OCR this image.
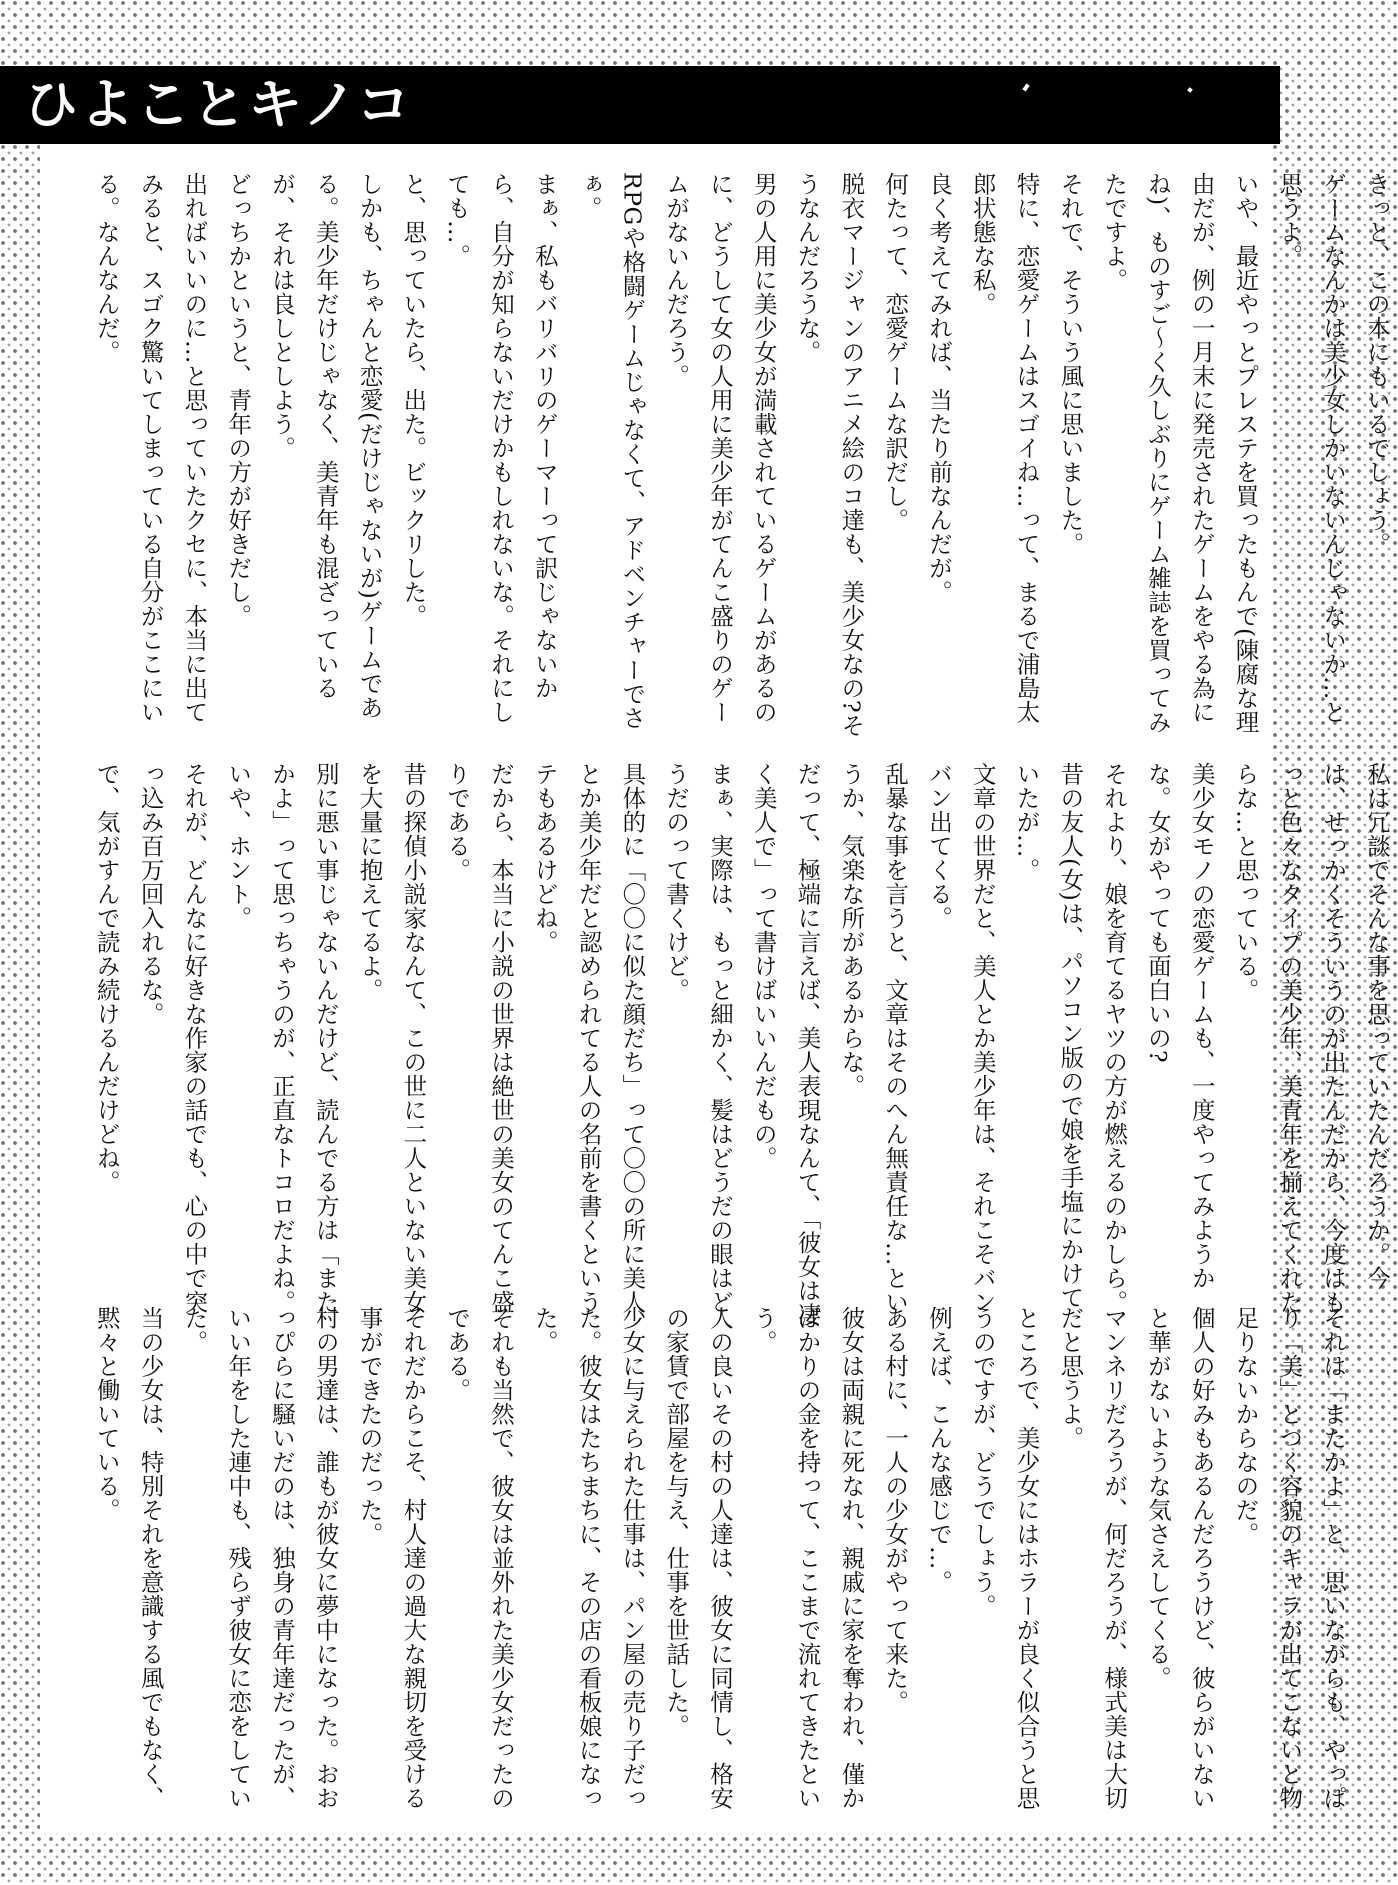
ひよことキノコ

きっと、この本にもいるでしょう。

ゲームなんかは美少女しかいないんじゃないか…と思うよ。

いや、最近やっとプレステを買ったもんで(陳腐な理由だが、例の一月末に発売されたゲームをやる為にね)、ものすご〜く久しぶりにゲーム雑誌を買ってみたですよ。

それで、そういう風に思いました。

特に、恋愛ゲームはスゴイね…って、まるで浦島太郎状態な私。

良く考えてみれば、当たり前なんだが。

何たって、恋愛ゲームな訳だし。

脱衣マージャンのアニメ絵のコ達も、美少女なの?そうなんだろうな。

男の人用に美少女が満載されているゲームがあるのに、どうして女の人用に美少年がてんこ盛りのゲームがないんだろう。

RPGや格闘ゲームじゃなくて、アドベンチャーでさぁ。

まぁ、私もバリバリのゲーマーって訳じゃないから、自分が知らないだけかもしれないな。それにしても…。

と、思っていたら、出た。ビックリした。

しかも、ちゃんと恋愛(だけじゃないが)ゲームである。美少年だけじゃなく、美青年も混ざっているが、それは良しとしよう。

どっちかというと、青年の方が好きだし。

出ればいいのに…と思っていたクセに、本当に出てみると、スゴク驚いてしまっている自分がここにいる。なんなんだ。

私は冗談でそんな事を思っていたんだろうか。今は、せっかくそういうのが出たんだから、今度はもっと色々なタイプの美少年、美青年を揃えてくれたらな…と思っている。

美少女モノの恋愛ゲームも、一度やってみようかな。女がやっても面白いの?

それより、娘を育てるヤツの方が燃えるのかしら。昔の友人(女)は、パソコン版ので娘を手塩にかけていたが…。

文章の世界だと、美人とか美少年は、それこそバンバン出てくる。

乱暴な事を言うと、文章はそのへん無責任な…というか、気楽な所があるからな。

だって、極端に言えば、美人表現なんて、「彼女は凄く美人で」って書けばいいんだもの。

まぁ、実際は、もっと細かく、髪はどうだの眼はどうだのって書くけど。

具体的に「〇〇に似た顔だち」って〇〇の所に美人とか美少年だと認められてる人の名前を書くというテもあるけどね。

だから、本当に小説の世界は絶世の美女のてんこ盛りである。

昔の探偵小説家なんて、この世に二人といない美女を大量に抱えてるよ。

別に悪い事じゃないんだけど、読んでる方は「またかよ」って思っちゃうのが、正直なトコロだよね。いや、ホント。

それが、どんなに好きな作家の話でも、心の中で突っ込み百万回入れるな。

で、気がすんで読み続けるんだけどね。

それは「またかよ」と、思いながらも、やっぱり「美」とつく容貌のキャラが出てこないと物足りないからなのだ。

個人の好みもあるんだろうけど、彼らがいないと華がないような気さえしてくる。

マンネリだろうが、何だろうが、様式美は大切だと思うよ。

ところで、美少女にはホラーが良く似合うと思うのですが、どうでしょう。

例えば、こんな感じで…。

ある村に、一人の少女がやって来た。

彼女は両親に死なれ、親戚に家を奪われ、僅かばかりの金を持って、ここまで流れてきたという。

人の良いその村の人達は、彼女に同情し、格安の家賃で部屋を与え、仕事を世話した。

少女に与えられた仕事は、パン屋の売り子だった。彼女はたちまちに、その店の看板娘になった。

それも当然で、彼女は並外れた美少女だったのである。

それだからこそ、村人達の過大な親切を受ける事ができたのだった。

村の男達は、誰もが彼女に夢中になった。おおっぴらに騒いだのは、独身の青年達だったが、いい年をした連中も、残らず彼女に恋をしていた。

当の少女は、特別それを意識する風でもなく、黙々と働いている。
